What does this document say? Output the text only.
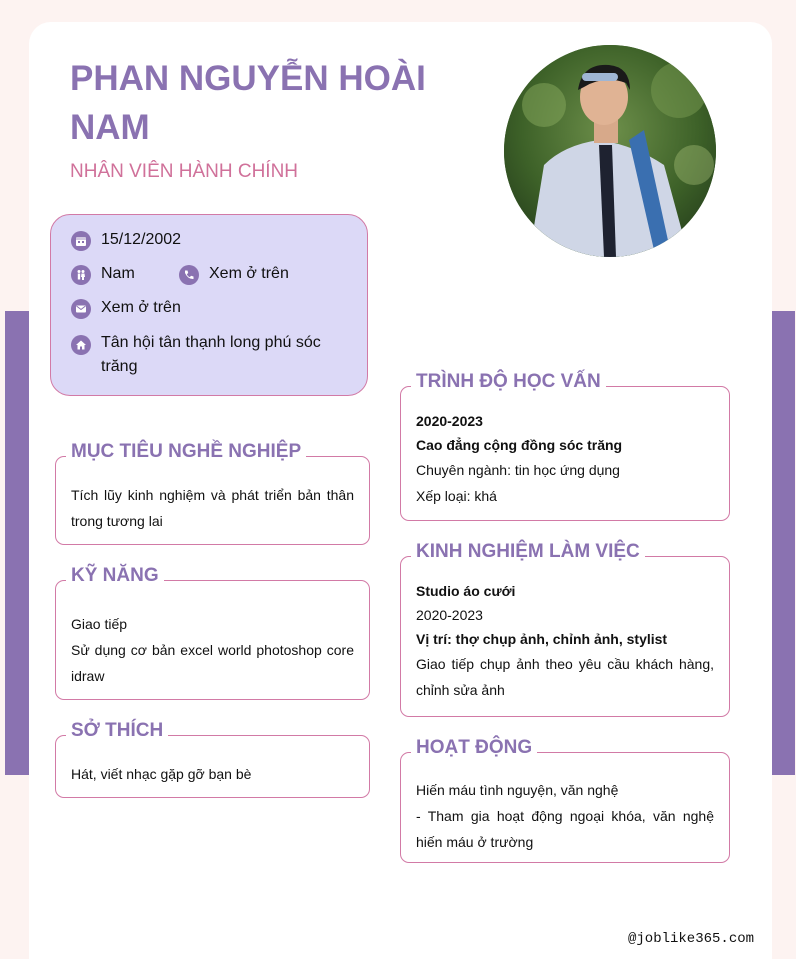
PHAN NGUYỄN HOÀI NAM
NHÂN VIÊN HÀNH CHÍNH
15/12/2002
Nam	Xem ở trên
Xem ở trên
Tân hội tân thạnh long phú sóc trăng
MỤC TIÊU NGHỀ NGHIỆP
Tích lũy kinh nghiệm và phát triển bản thân trong tương lai
KỸ NĂNG
Giao tiếp
Sử dụng cơ bản excel world photoshop core idraw
SỞ THÍCH
Hát, viết nhạc gặp gỡ bạn bè
TRÌNH ĐỘ HỌC VẤN
2020-2023
Cao đẳng cộng đồng sóc trăng
Chuyên ngành: tin học ứng dụng
Xếp loại: khá
KINH NGHIỆM LÀM VIỆC
Studio áo cưới
2020-2023
Vị trí: thợ chụp ảnh, chỉnh ảnh, stylist
Giao tiếp chụp ảnh theo yêu cầu khách hàng, chỉnh sửa ảnh
HOẠT ĐỘNG
Hiến máu tình nguyện, văn nghệ
- Tham gia hoạt động ngoại khóa, văn nghệ hiến máu ở trường
@joblike365.com
